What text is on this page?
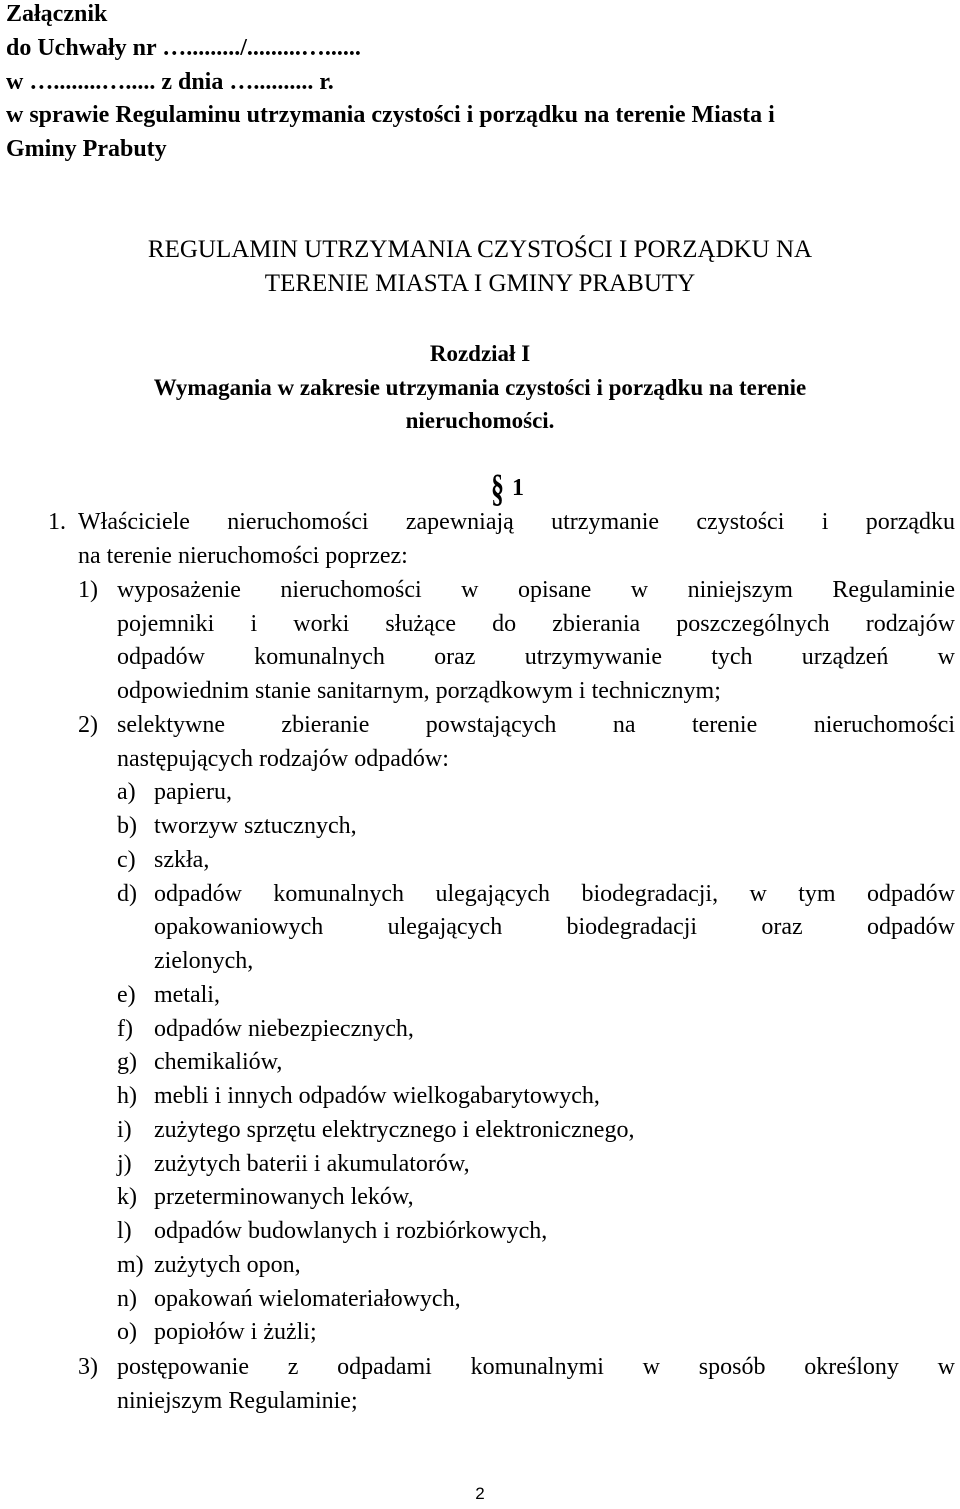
Załącznik
do Uchwały nr …........./.........…......
w …........…..... z dnia ….......... r.
w sprawie Regulaminu utrzymania czystości i porządku na terenie Miasta i
Gminy Prabuty
REGULAMIN UTRZYMANIA CZYSTOŚCI I PORZĄDKU NA
TERENIE MIASTA I GMINY PRABUTY
Rozdział I
Wymagania w zakresie utrzymania czystości i porządku na terenie
nieruchomości.
§ 1
1. Właściciele nieruchomości zapewniają utrzymanie czystości i porządku
na terenie nieruchomości poprzez:
1) wyposażenie nieruchomości w opisane w niniejszym Regulaminie
pojemniki i worki służące do zbierania poszczególnych rodzajów
odpadów komunalnych oraz utrzymywanie tych urządzeń w
odpowiednim stanie sanitarnym, porządkowym i technicznym;
2) selektywne zbieranie powstających na terenie nieruchomości
następujących rodzajów odpadów:
a) papieru,
b) tworzyw sztucznych,
c) szkła,
d) odpadów komunalnych ulegających biodegradacji, w tym odpadów
opakowaniowych ulegających biodegradacji oraz odpadów
zielonych,
e) metali,
f) odpadów niebezpiecznych,
g) chemikaliów,
h) mebli i innych odpadów wielkogabarytowych,
i) zużytego sprzętu elektrycznego i elektronicznego,
j) zużytych baterii i akumulatorów,
k) przeterminowanych leków,
l) odpadów budowlanych i rozbiórkowych,
m) zużytych opon,
n) opakowań wielomateriałowych,
o) popiołów i żużli;
3) postępowanie z odpadami komunalnymi w sposób określony w
niniejszym Regulaminie;
2
